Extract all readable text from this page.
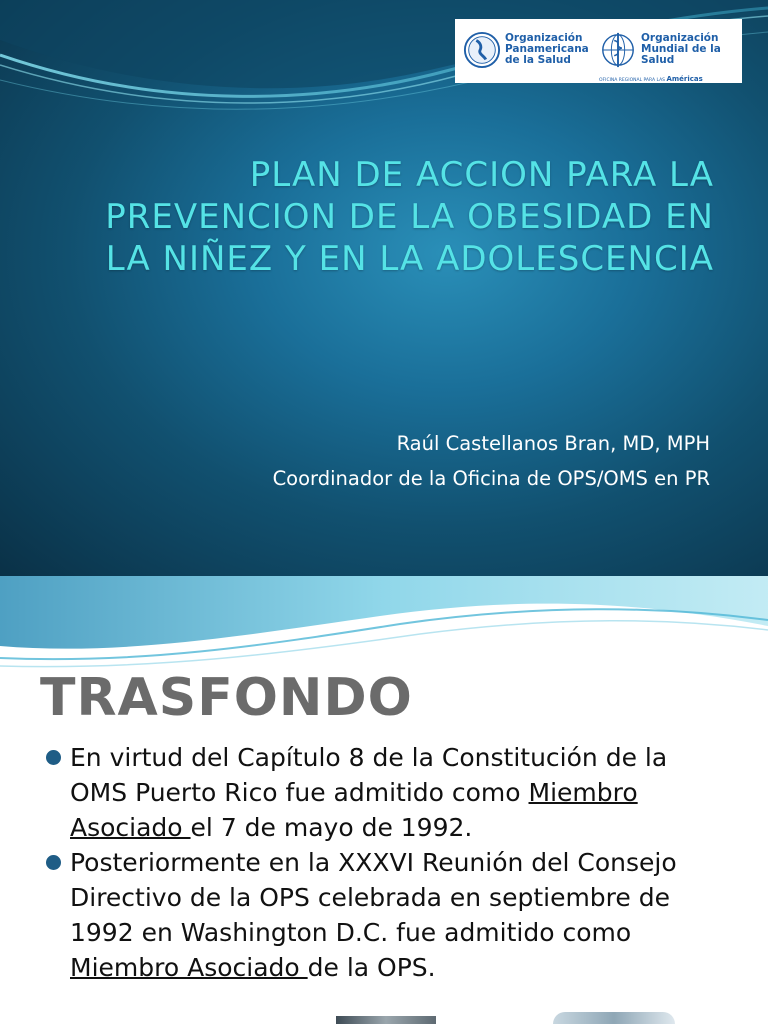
Organización
Panamericana
de la Salud
Organización
Mundial de la Salud
OFICINA REGIONAL PARA LAS Américas
PLAN DE ACCION PARA LA PREVENCION DE LA OBESIDAD EN LA NIÑEZ Y EN LA ADOLESCENCIA

Raúl Castellanos Bran, MD, MPH

Coordinador de la Oficina de OPS/OMS en PR

TRASFONDO
En virtud del Capítulo 8 de la Constitución de la OMS Puerto Rico fue admitido como Miembro Asociado el 7 de mayo de 1992.
Posteriormente en la XXXVI Reunión del Consejo Directivo de la OPS celebrada en septiembre de 1992 en Washington D.C. fue admitido como Miembro Asociado de la OPS.
